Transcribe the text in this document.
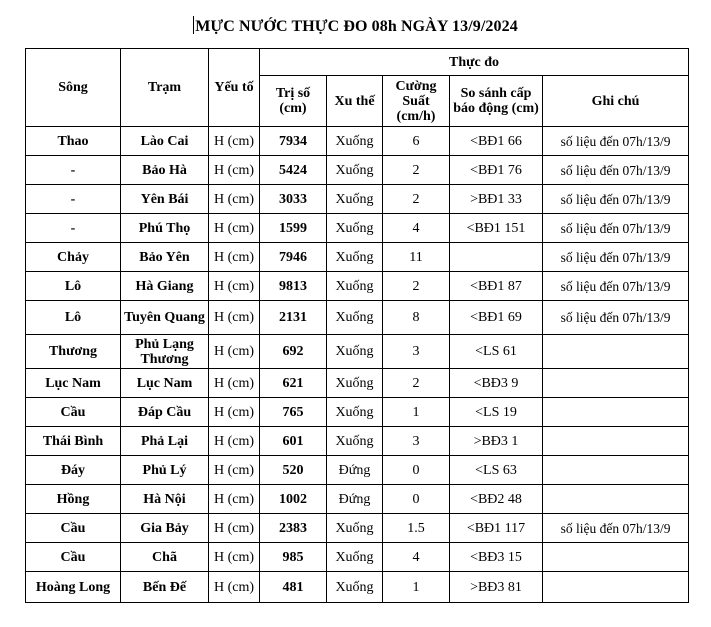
MỰC NƯỚC THỰC ĐO 08h NGÀY 13/9/2024
Sông	Trạm	Yếu tố	Thực đo				
			Trị số (cm)	Xu thế	Cường Suất (cm/h)	So sánh cấp báo động (cm)	Ghi chú
Thao	Lào Cai	H (cm)	7934	Xuống	6	<BĐ1 66	số liệu đến 07h/13/9
-	Bảo Hà	H (cm)	5424	Xuống	2	<BĐ1 76	số liệu đến 07h/13/9
-	Yên Bái	H (cm)	3033	Xuống	2	>BĐ1 33	số liệu đến 07h/13/9
-	Phú Thọ	H (cm)	1599	Xuống	4	<BĐ1 151	số liệu đến 07h/13/9
Chảy	Bảo Yên	H (cm)	7946	Xuống	11		số liệu đến 07h/13/9
Lô	Hà Giang	H (cm)	9813	Xuống	2	<BĐ1 87	số liệu đến 07h/13/9
Lô	Tuyên Quang	H (cm)	2131	Xuống	8	<BĐ1 69	số liệu đến 07h/13/9
Thương	Phủ Lạng Thương	H (cm)	692	Xuống	3	<LS 61	
Lục Nam	Lục Nam	H (cm)	621	Xuống	2	<BĐ3 9	
Cầu	Đáp Cầu	H (cm)	765	Xuống	1	<LS 19	
Thái Bình	Phả Lại	H (cm)	601	Xuống	3	>BĐ3 1	
Đáy	Phủ Lý	H (cm)	520	Đứng	0	<LS 63	
Hồng	Hà Nội	H (cm)	1002	Đứng	0	<BĐ2 48	
Cầu	Gia Bảy	H (cm)	2383	Xuống	1.5	<BĐ1 117	số liệu đến 07h/13/9
Cầu	Chã	H (cm)	985	Xuống	4	<BĐ3 15	
Hoàng Long	Bến Đế	H (cm)	481	Xuống	1	>BĐ3 81	
